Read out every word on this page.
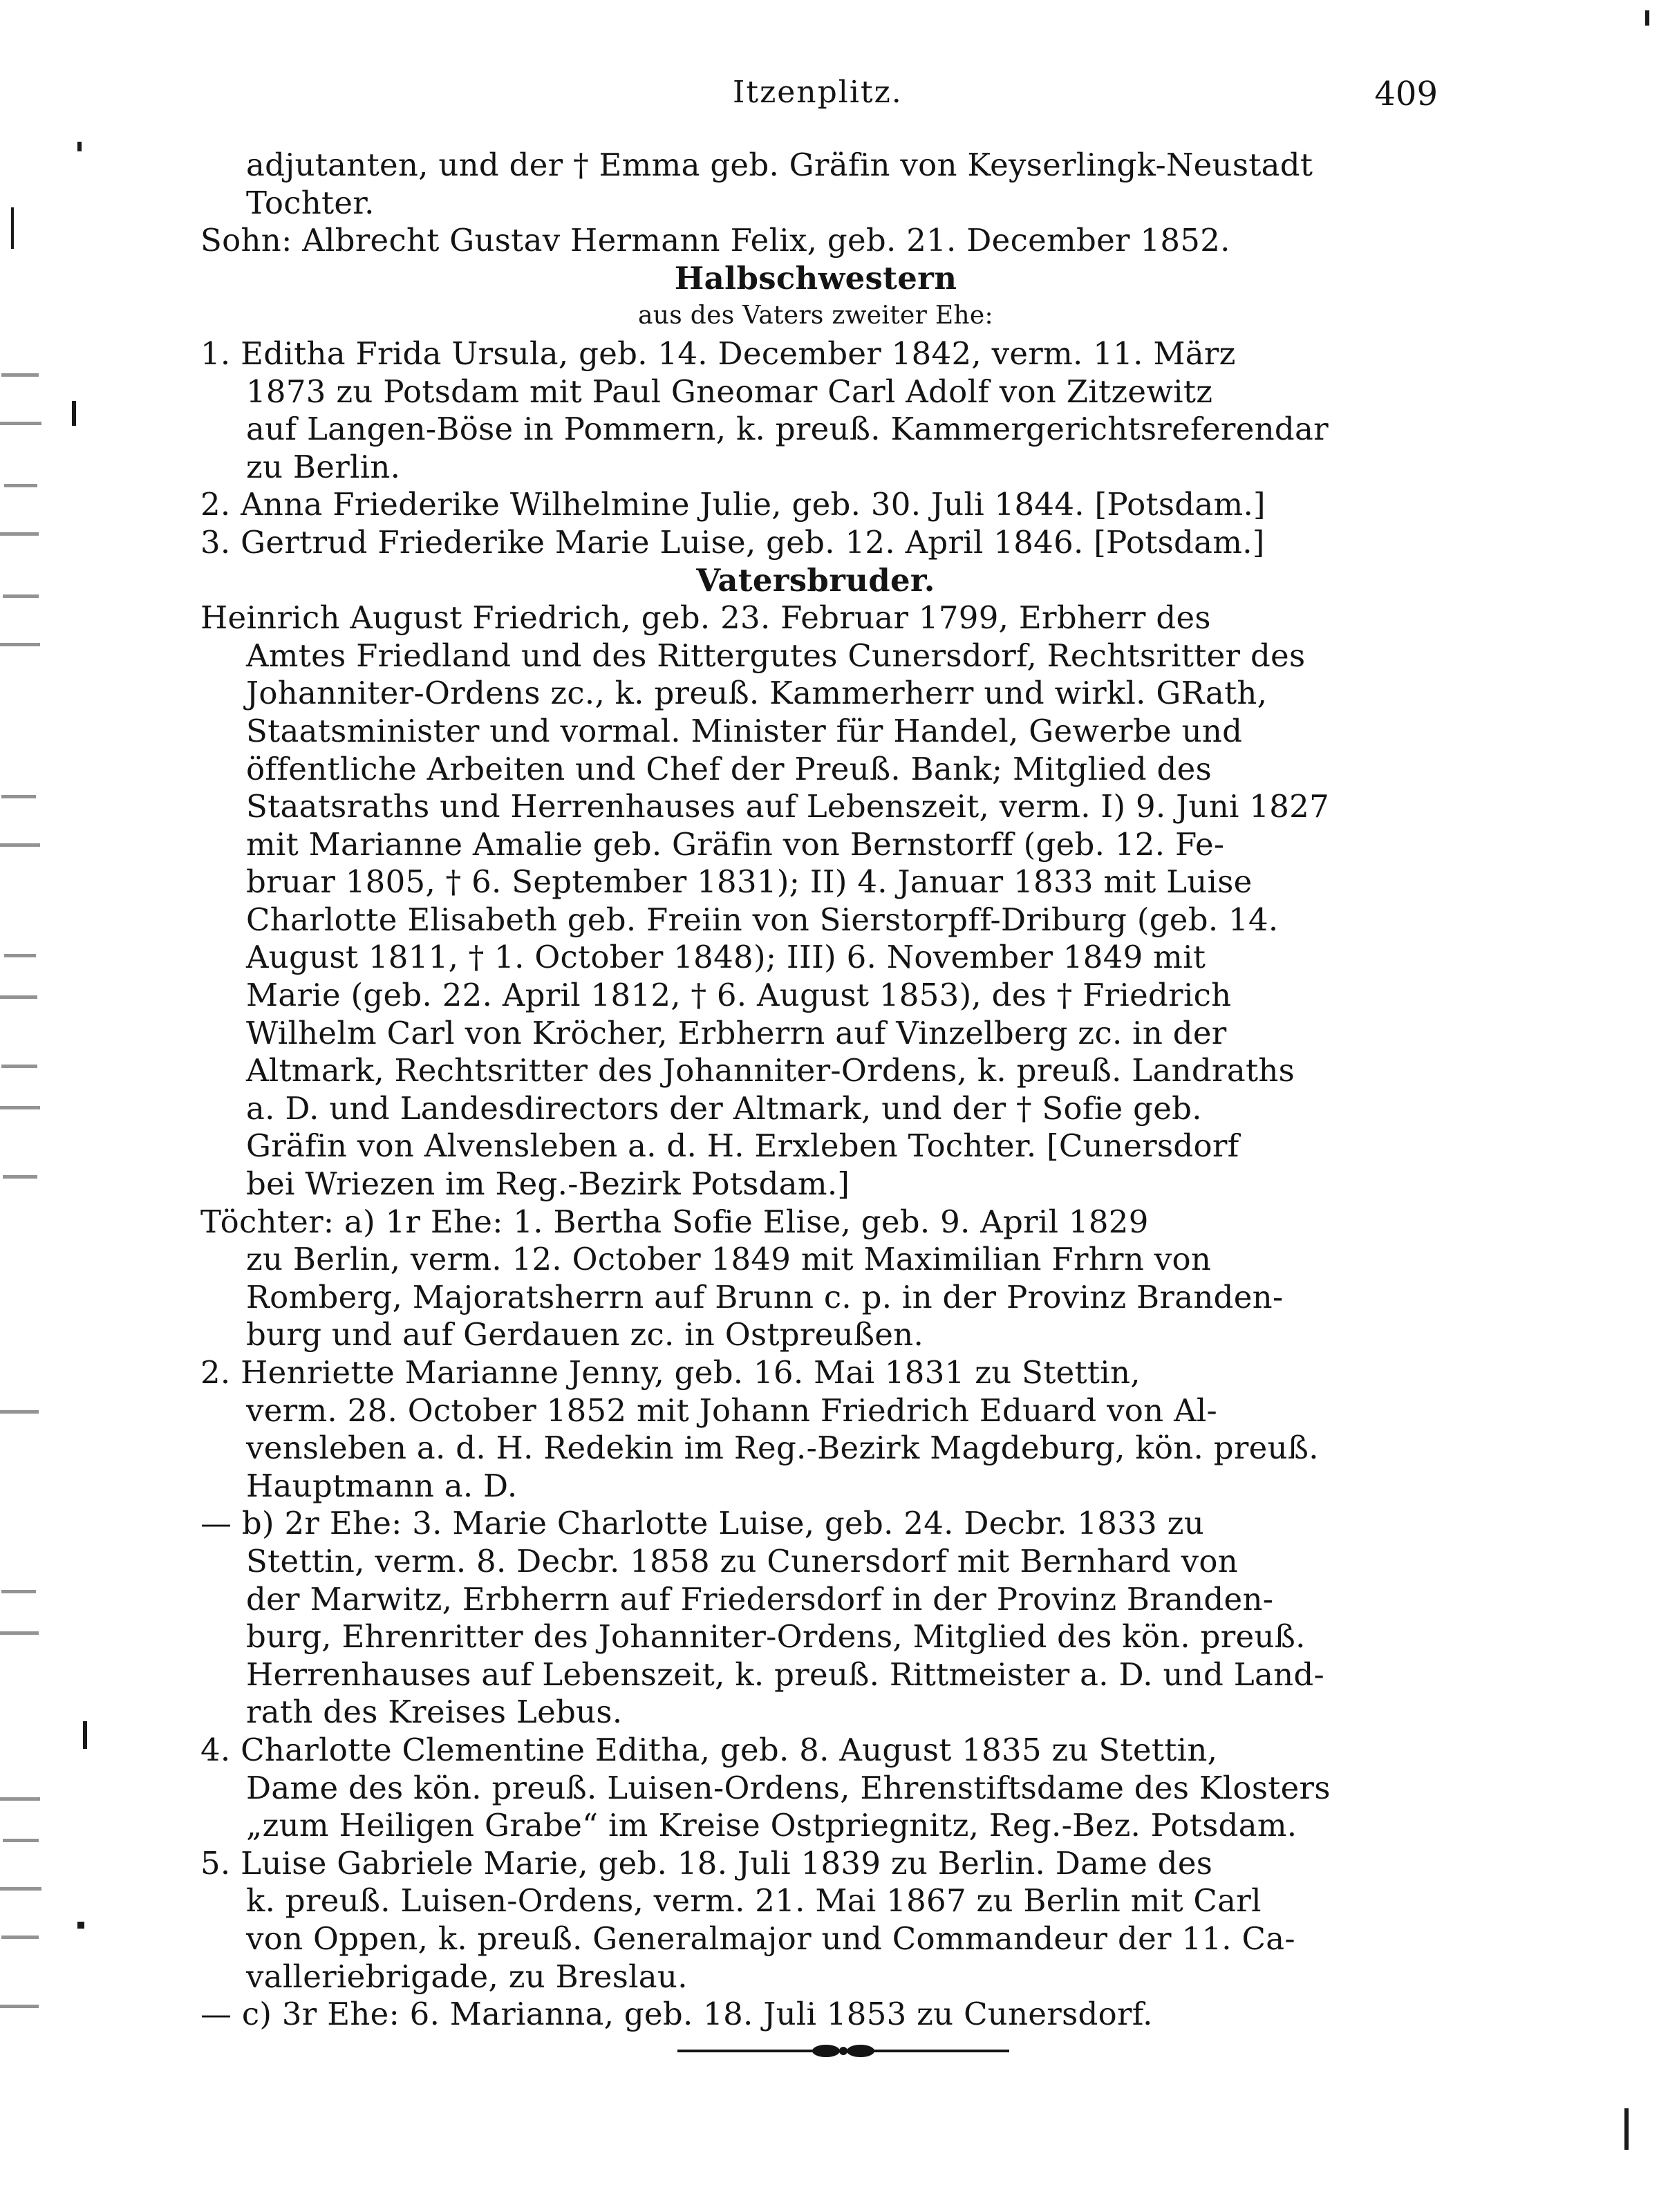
Itzenplitz.	409

adjutanten, und der † Emma geb. Gräfin von Keyserlingk-Neustadt

Tochter.

Sohn: Albrecht Gustav Hermann Felix, geb. 21. December 1852.

Halbschwestern

aus des Vaters zweiter Ehe:

1. Editha Frida Ursula, geb. 14. December 1842, verm. 11. März

1873 zu Potsdam mit Paul Gneomar Carl Adolf von Zitzewitz

auf Langen-Böse in Pommern, k. preuß. Kammergerichtsreferendar

zu Berlin.

2. Anna Friederike Wilhelmine Julie, geb. 30. Juli 1844. [Potsdam.]

3. Gertrud Friederike Marie Luise, geb. 12. April 1846. [Potsdam.]

Vatersbruder.

Heinrich August Friedrich, geb. 23. Februar 1799, Erbherr des

Amtes Friedland und des Rittergutes Cunersdorf, Rechtsritter des

Johanniter-Ordens zc., k. preuß. Kammerherr und wirkl. GRath,

Staatsminister und vormal. Minister für Handel, Gewerbe und

öffentliche Arbeiten und Chef der Preuß. Bank; Mitglied des

Staatsraths und Herrenhauses auf Lebenszeit, verm. I) 9. Juni 1827

mit Marianne Amalie geb. Gräfin von Bernstorff (geb. 12. Fe-

bruar 1805, † 6. September 1831); II) 4. Januar 1833 mit Luise

Charlotte Elisabeth geb. Freiin von Sierstorpff-Driburg (geb. 14.

August 1811, † 1. October 1848); III) 6. November 1849 mit

Marie (geb. 22. April 1812, † 6. August 1853), des † Friedrich

Wilhelm Carl von Kröcher, Erbherrn auf Vinzelberg zc. in der

Altmark, Rechtsritter des Johanniter-Ordens, k. preuß. Landraths

a. D. und Landesdirectors der Altmark, und der † Sofie geb.

Gräfin von Alvensleben a. d. H. Erxleben Tochter. [Cunersdorf

bei Wriezen im Reg.-Bezirk Potsdam.]

Töchter: a) 1r Ehe: 1. Bertha Sofie Elise, geb. 9. April 1829

zu Berlin, verm. 12. October 1849 mit Maximilian Frhrn von

Romberg, Majoratsherrn auf Brunn c. p. in der Provinz Branden-

burg und auf Gerdauen zc. in Ostpreußen.

2. Henriette Marianne Jenny, geb. 16. Mai 1831 zu Stettin,

verm. 28. October 1852 mit Johann Friedrich Eduard von Al-

vensleben a. d. H. Redekin im Reg.-Bezirk Magdeburg, kön. preuß.

Hauptmann a. D.

— b) 2r Ehe: 3. Marie Charlotte Luise, geb. 24. Decbr. 1833 zu

Stettin, verm. 8. Decbr. 1858 zu Cunersdorf mit Bernhard von

der Marwitz, Erbherrn auf Friedersdorf in der Provinz Branden-

burg, Ehrenritter des Johanniter-Ordens, Mitglied des kön. preuß.

Herrenhauses auf Lebenszeit, k. preuß. Rittmeister a. D. und Land-

rath des Kreises Lebus.

4. Charlotte Clementine Editha, geb. 8. August 1835 zu Stettin,

Dame des kön. preuß. Luisen-Ordens, Ehrenstiftsdame des Klosters

„zum Heiligen Grabe“ im Kreise Ostpriegnitz, Reg.-Bez. Potsdam.

5. Luise Gabriele Marie, geb. 18. Juli 1839 zu Berlin. Dame des

k. preuß. Luisen-Ordens, verm. 21. Mai 1867 zu Berlin mit Carl

von Oppen, k. preuß. Generalmajor und Commandeur der 11. Ca-

valleriebrigade, zu Breslau.

— c) 3r Ehe: 6. Marianna, geb. 18. Juli 1853 zu Cunersdorf.
